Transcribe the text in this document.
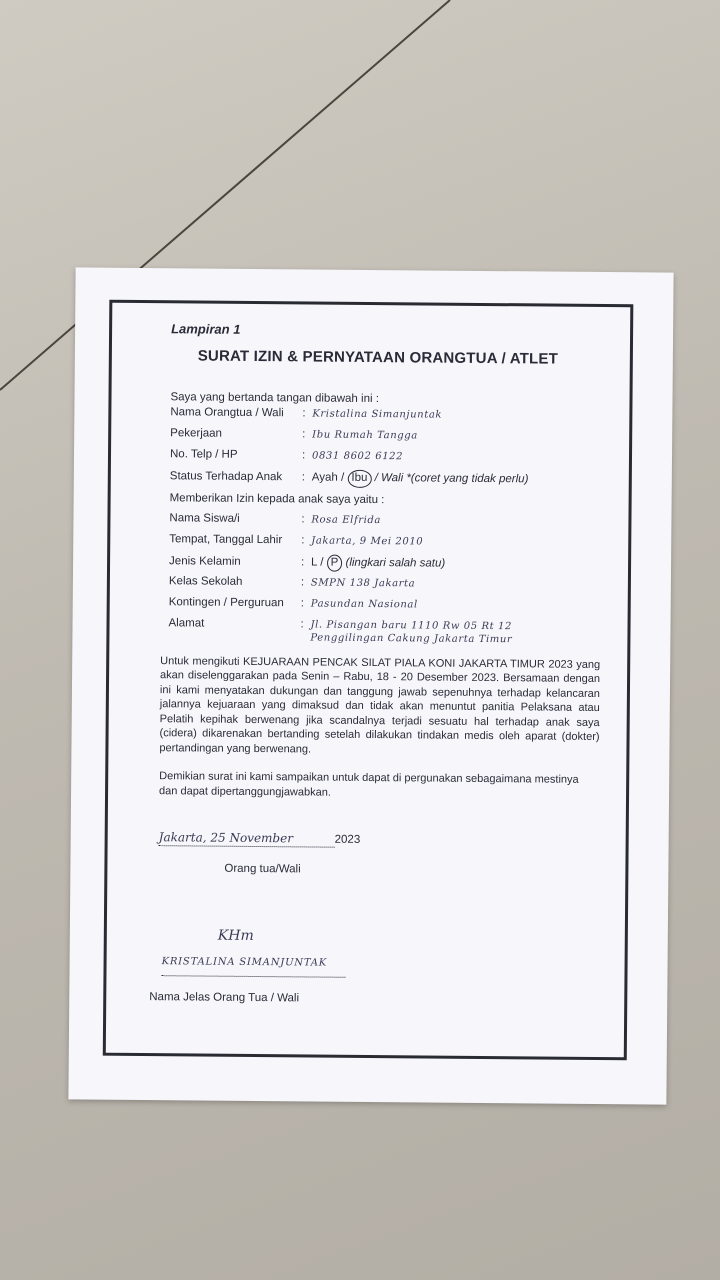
Lampiran 1
SURAT IZIN & PERNYATAAN ORANGTUA / ATLET
Saya yang bertanda tangan dibawah ini :
Nama Orangtua / Wali	: Kristalina Simanjuntak
Pekerjaan	: Ibu Rumah Tangga
No. Telp / HP	: 0831 8602 6122
Status Terhadap Anak	: Ayah / Ibu / Wali *(coret yang tidak perlu)
Memberikan Izin kepada anak saya yaitu :
Nama Siswa/i	: Rosa Elfrida
Tempat, Tanggal Lahir	: Jakarta, 9 Mei 2010
Jenis Kelamin	: L / P (lingkari salah satu)
Kelas Sekolah	: SMPN 138 Jakarta
Kontingen / Perguruan	: Pasundan Nasional
Alamat	: Jl. Pisangan baru 1110 Rw 05 Rt 12
Penggilingan Cakung Jakarta Timur
Untuk mengikuti KEJUARAAN PENCAK SILAT PIALA KONI JAKARTA TIMUR 2023 yang akan diselenggarakan pada Senin – Rabu, 18 - 20 Desember 2023. Bersamaan dengan ini kami menyatakan dukungan dan tanggung jawab sepenuhnya terhadap kelancaran jalannya kejuaraan yang dimaksud dan tidak akan menuntut panitia Pelaksana atau Pelatih kepihak berwenang jika scandalnya terjadi sesuatu hal terhadap anak saya (cidera) dikarenakan bertanding setelah dilakukan tindakan medis oleh aparat (dokter) pertandingan yang berwenang.
Demikian surat ini kami sampaikan untuk dapat di pergunakan sebagaimana mestinya dan dapat dipertanggungjawabkan.
Jakarta, 25 November	2023
Orang tua/Wali
KHm
KRISTALINA SIMANJUNTAK
Nama Jelas Orang Tua / Wali
